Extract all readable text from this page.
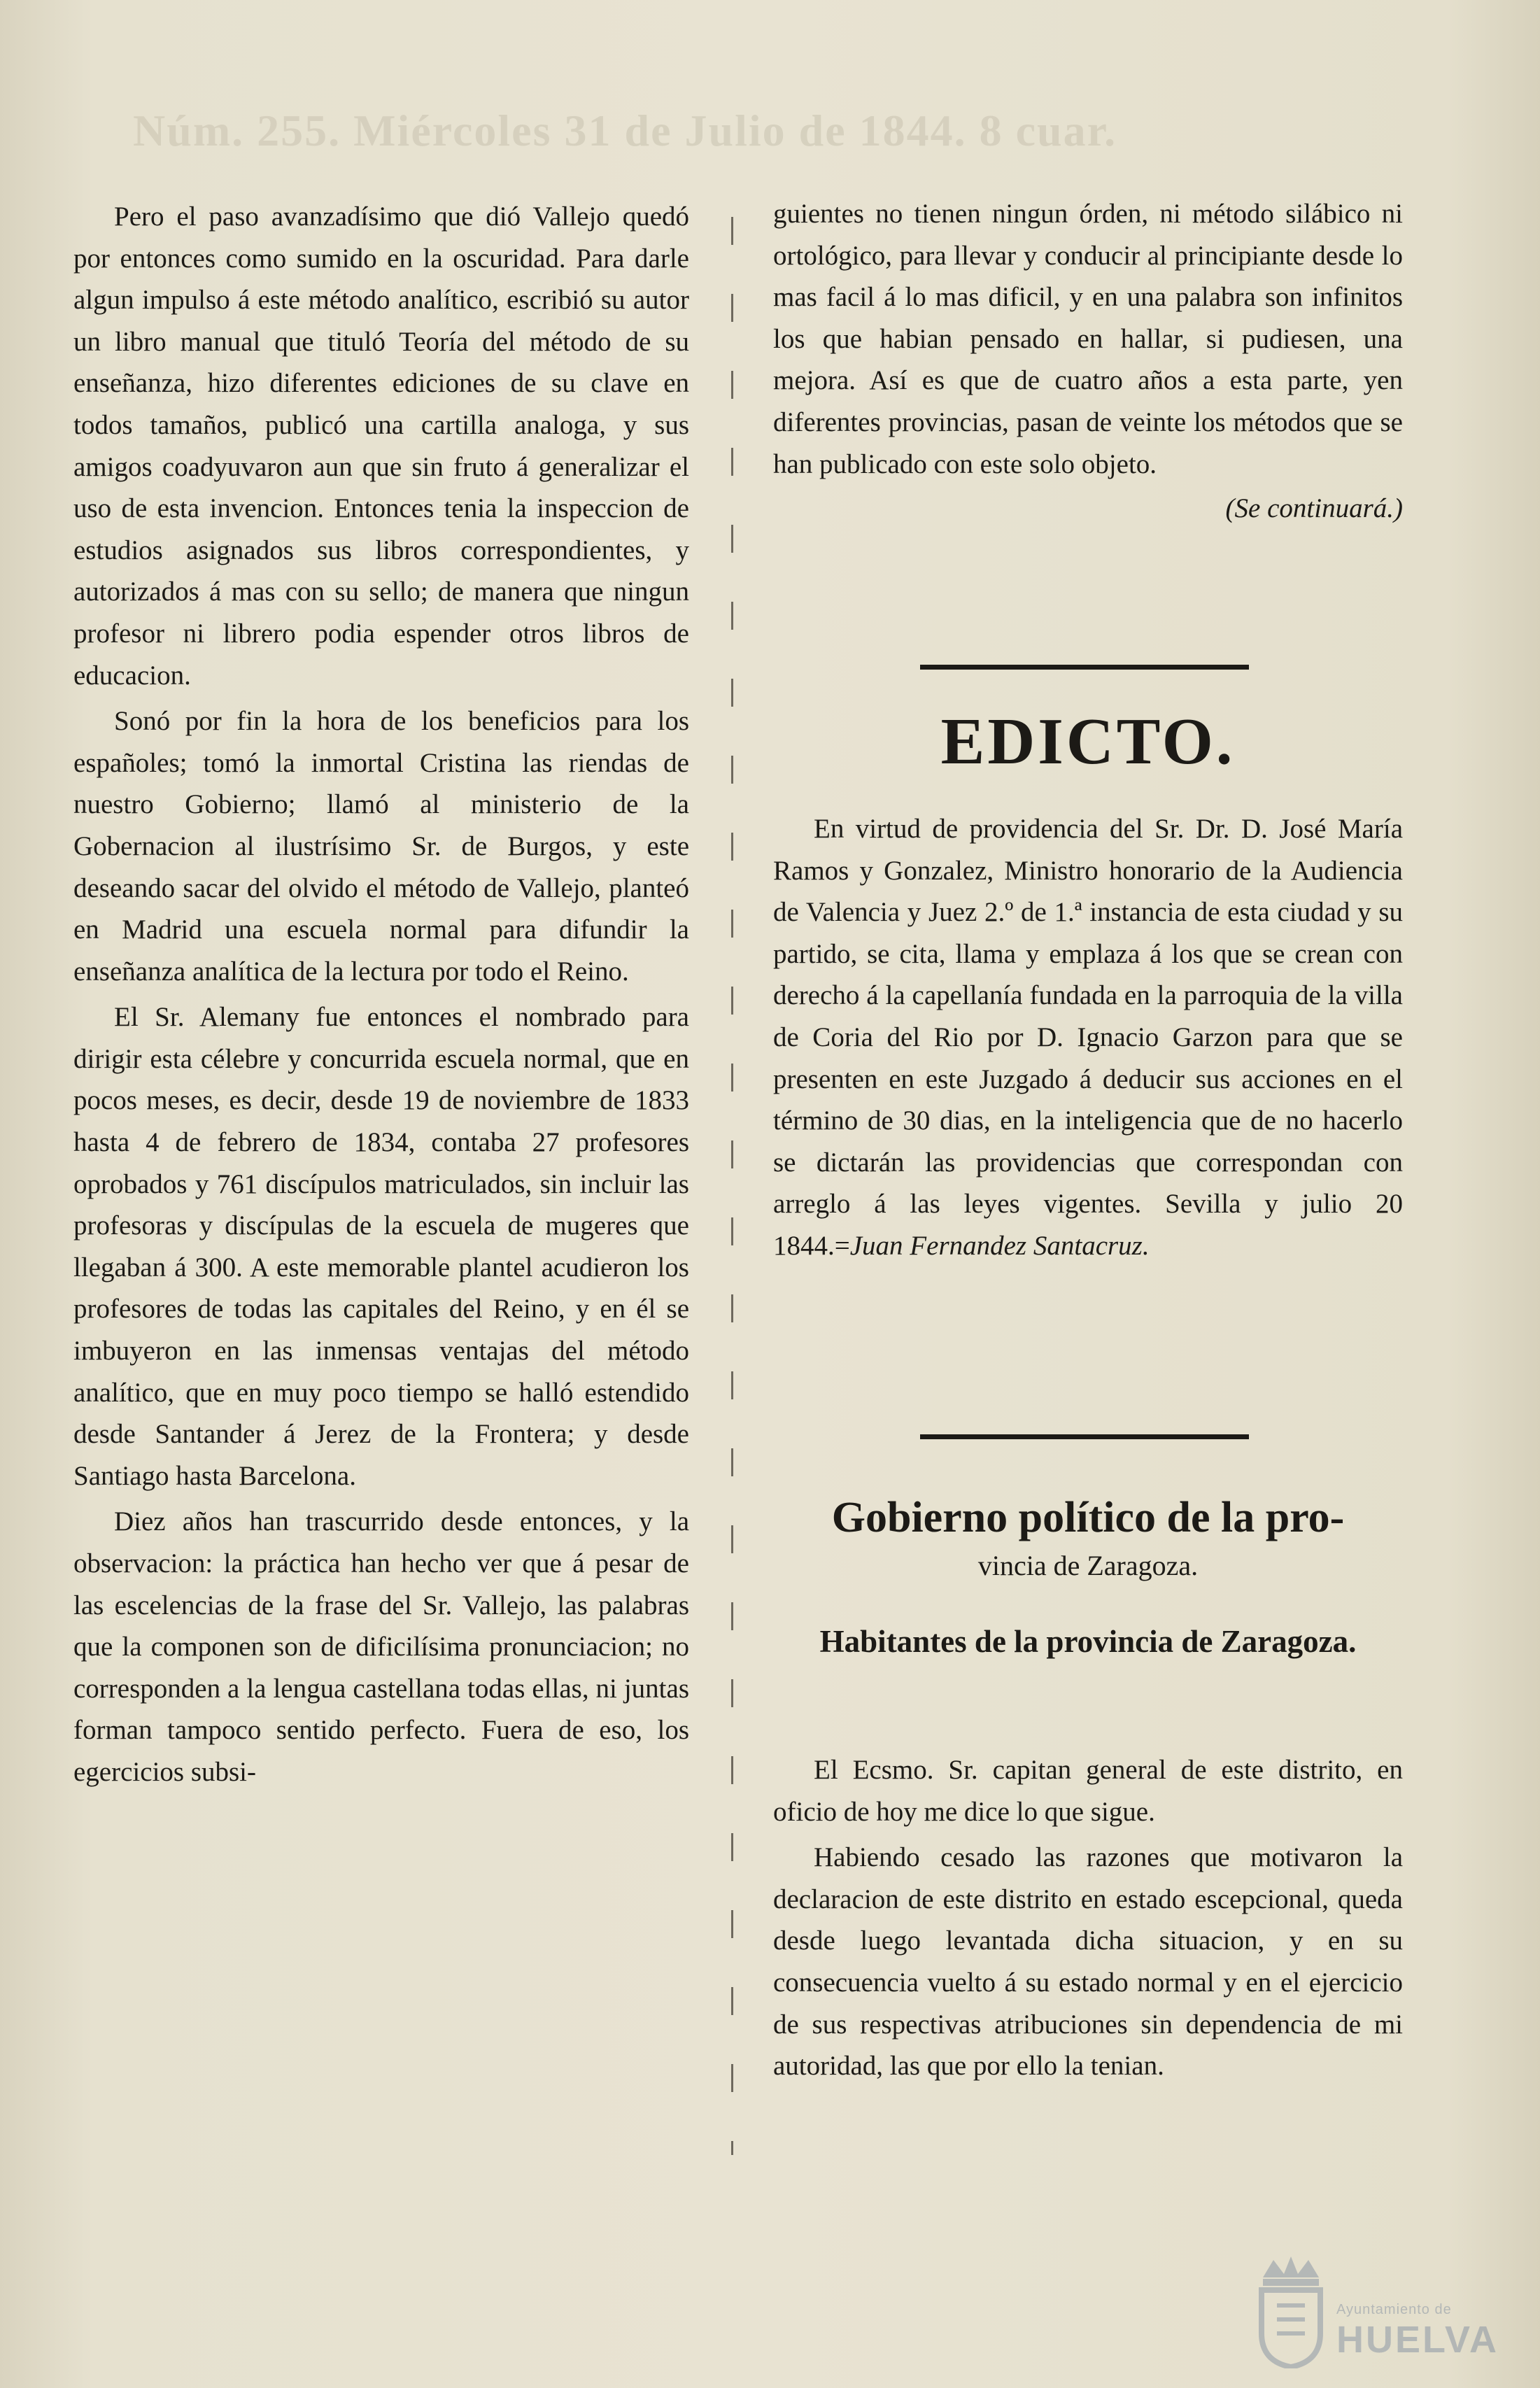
Núm. 255. Miércoles 31 de Julio de 1844. 8 cuar.

Pero el paso avanzadísimo que dió Vallejo quedó por entonces como sumido en la oscuridad. Para darle algun impulso á este método analítico, escribió su autor un libro manual que tituló Teoría del método de su enseñanza, hizo diferentes ediciones de su clave en todos tamaños, publicó una cartilla analoga, y sus amigos coadyuvaron aun que sin fruto á generalizar el uso de esta invencion. Entonces tenia la inspeccion de estudios asignados sus libros correspondientes, y autorizados á mas con su sello; de manera que ningun profesor ni librero podia espender otros libros de educacion.

Sonó por fin la hora de los beneficios para los españoles; tomó la inmortal Cristina las riendas de nuestro Gobierno; llamó al ministerio de la Gobernacion al ilustrísimo Sr. de Burgos, y este deseando sacar del olvido el método de Vallejo, planteó en Madrid una escuela normal para difundir la enseñanza analítica de la lectura por todo el Reino.

El Sr. Alemany fue entonces el nombrado para dirigir esta célebre y concurrida escuela normal, que en pocos meses, es decir, desde 19 de noviembre de 1833 hasta 4 de febrero de 1834, contaba 27 profesores oprobados y 761 discípulos matriculados, sin incluir las profesoras y discípulas de la escuela de mugeres que llegaban á 300. A este memorable plantel acudieron los profesores de todas las capitales del Reino, y en él se imbuyeron en las inmensas ventajas del método analítico, que en muy poco tiempo se halló estendido desde Santander á Jerez de la Frontera; y desde Santiago hasta Barcelona.

Diez años han trascurrido desde entonces, y la observacion: la práctica han hecho ver que á pesar de las escelencias de la frase del Sr. Vallejo, las palabras que la componen son de dificilísima pronunciacion; no corresponden a la lengua castellana todas ellas, ni juntas forman tampoco sentido perfecto. Fuera de eso, los egercicios subsi-

guientes no tienen ningun órden, ni método silábico ni ortológico, para llevar y conducir al principiante desde lo mas facil á lo mas dificil, y en una palabra son infinitos los que habian pensado en hallar, si pudiesen, una mejora. Así es que de cuatro años a esta parte, yen diferentes provincias, pasan de veinte los métodos que se han publicado con este solo objeto.

(Se continuará.)

EDICTO.

En virtud de providencia del Sr. Dr. D. José María Ramos y Gonzalez, Ministro honorario de la Audiencia de Valencia y Juez 2.º de 1.ª instancia de esta ciudad y su partido, se cita, llama y emplaza á los que se crean con derecho á la capellanía fundada en la parroquia de la villa de Coria del Rio por D. Ignacio Garzon para que se presenten en este Juzgado á deducir sus acciones en el término de 30 dias, en la inteligencia que de no hacerlo se dictarán las providencias que correspondan con arreglo á las leyes vigentes. Sevilla y julio 20 1844.=Juan Fernandez Santacruz.

Gobierno político de la pro-
vincia de Zaragoza.
Habitantes de la provincia de Zaragoza.

El Ecsmo. Sr. capitan general de este distrito, en oficio de hoy me dice lo que sigue.

Habiendo cesado las razones que motivaron la declaracion de este distrito en estado escepcional, queda desde luego levantada dicha situacion, y en su consecuencia vuelto á su estado normal y en el ejercicio de sus respectivas atribuciones sin dependencia de mi autoridad, las que por ello la tenian.

Ayuntamiento de
HUELVA
